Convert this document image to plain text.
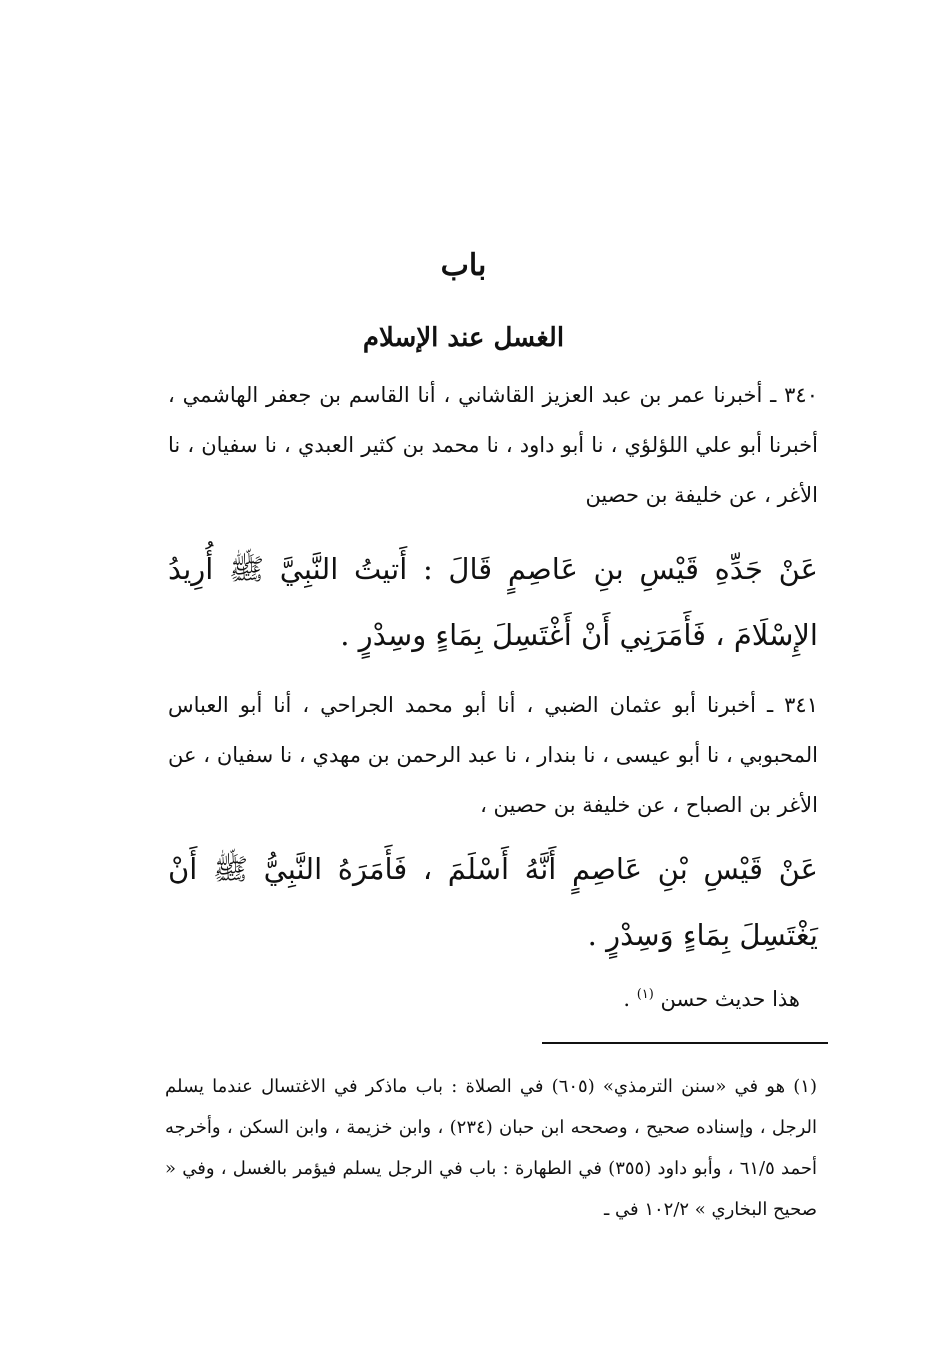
باب
الغسل عند الإسلام
٣٤٠ ـ أخبرنا عمر بن عبد العزيز القاشاني ، أنا القاسم بن جعفر الهاشمي ، أخبرنا أبو علي اللؤلؤي ، نا أبو داود ، نا محمد بن كثير العبدي ، نا سفيان ، نا الأغر ، عن خليفة بن حصين
عَنْ جَدِّهِ قَيْسِ بنِ عَاصِمٍ قَالَ : أَتيتُ النَّبِيَّ ﷺ أُرِيدُ الإِسْلَامَ ، فَأَمَرَنِي أَنْ أَغْتَسِلَ بِمَاءٍ وسِدْرٍ .
٣٤١ ـ أخبرنا أبو عثمان الضبي ، أنا أبو محمد الجراحي ، أنا أبو العباس المحبوبي ، نا أبو عيسى ، نا بندار ، نا عبد الرحمن بن مهدي ، نا سفيان ، عن الأغر بن الصباح ، عن خليفة بن حصين ،
عَنْ قَيْسِ بْنِ عَاصِمٍ أَنَّهُ أَسْلَمَ ، فَأَمَرَهُ النَّبِيُّ ﷺ أَنْ يَغْتَسِلَ بِمَاءٍ وَسِدْرٍ .
هذا حديث حسن $^{(١)}$ .
(١) هو في «سنن الترمذي» (٦٠٥) في الصلاة : باب ماذكر في الاغتسال عندما يسلم الرجل ، وإسناده صحيح ، وصححه ابن حبان (٢٣٤) ، وابن خزيمة ، وابن السكن ، وأخرجه أحمد ٦١/٥ ، وأبو داود (٣٥٥) في الطهارة : باب في الرجل يسلم فيؤمر بالغسل ، وفي « صحيح البخاري » ١٠٢/٢ في ـ
